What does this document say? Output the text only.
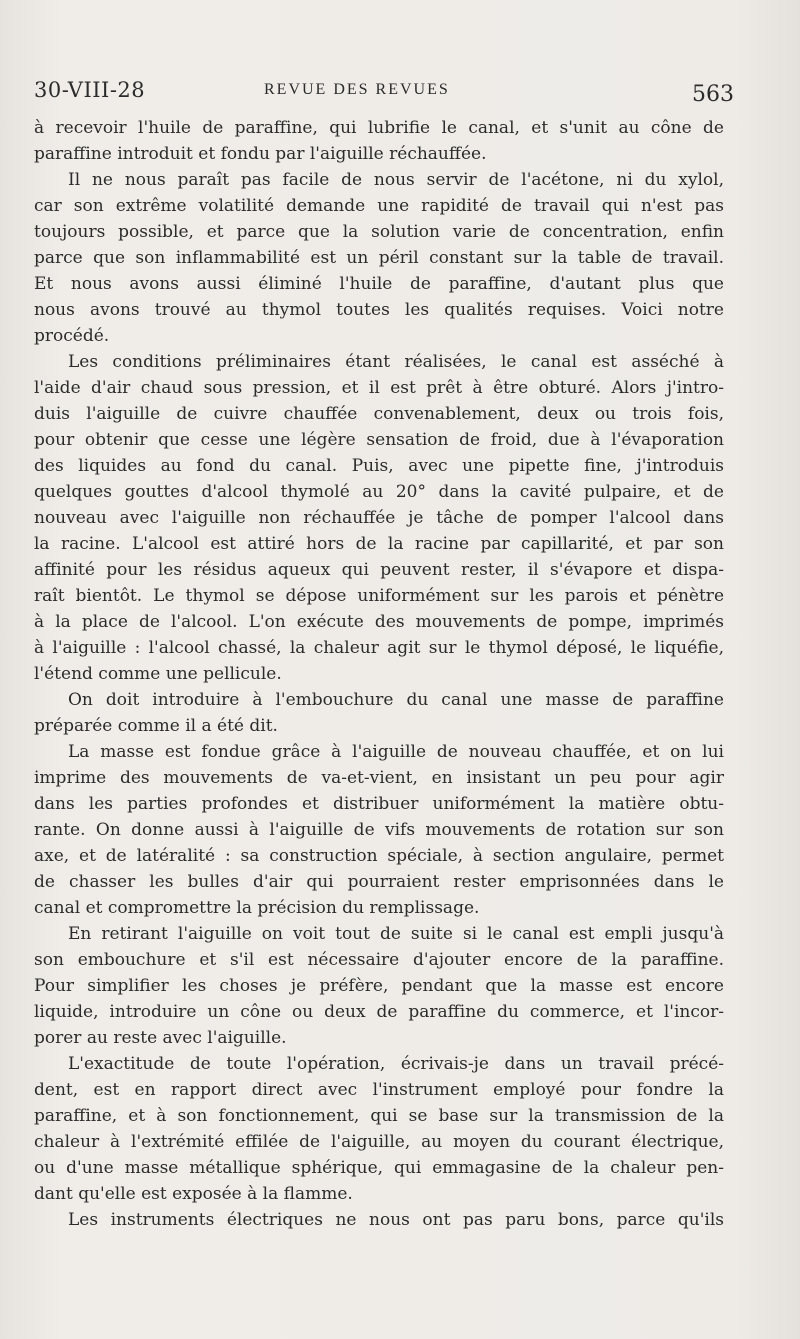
30-VIII-28	REVUE DES REVUES	563
à recevoir l'huile de paraffine, qui lubrifie le canal, et s'unit au cône de
paraffine introduit et fondu par l'aiguille réchauffée.
Il ne nous paraît pas facile de nous servir de l'acétone, ni du xylol,
car son extrême volatilité demande une rapidité de travail qui n'est pas
toujours possible, et parce que la solution varie de concentration, enfin
parce que son inflammabilité est un péril constant sur la table de travail.
Et nous avons aussi éliminé l'huile de paraffine, d'autant plus que
nous avons trouvé au thymol toutes les qualités requises. Voici notre
procédé.
Les conditions préliminaires étant réalisées, le canal est asséché à
l'aide d'air chaud sous pression, et il est prêt à être obturé. Alors j'intro-
duis l'aiguille de cuivre chauffée convenablement, deux ou trois fois,
pour obtenir que cesse une légère sensation de froid, due à l'évaporation
des liquides au fond du canal. Puis, avec une pipette fine, j'introduis
quelques gouttes d'alcool thymolé au 20° dans la cavité pulpaire, et de
nouveau avec l'aiguille non réchauffée je tâche de pomper l'alcool dans
la racine. L'alcool est attiré hors de la racine par capillarité, et par son
affinité pour les résidus aqueux qui peuvent rester, il s'évapore et dispa-
raît bientôt. Le thymol se dépose uniformément sur les parois et pénètre
à la place de l'alcool. L'on exécute des mouvements de pompe, imprimés
à l'aiguille : l'alcool chassé, la chaleur agit sur le thymol déposé, le liquéfie,
l'étend comme une pellicule.
On doit introduire à l'embouchure du canal une masse de paraffine
préparée comme il a été dit.
La masse est fondue grâce à l'aiguille de nouveau chauffée, et on lui
imprime des mouvements de va-et-vient, en insistant un peu pour agir
dans les parties profondes et distribuer uniformément la matière obtu-
rante. On donne aussi à l'aiguille de vifs mouvements de rotation sur son
axe, et de latéralité : sa construction spéciale, à section angulaire, permet
de chasser les bulles d'air qui pourraient rester emprisonnées dans le
canal et compromettre la précision du remplissage.
En retirant l'aiguille on voit tout de suite si le canal est empli jusqu'à
son embouchure et s'il est nécessaire d'ajouter encore de la paraffine.
Pour simplifier les choses je préfère, pendant que la masse est encore
liquide, introduire un cône ou deux de paraffine du commerce, et l'incor-
porer au reste avec l'aiguille.
L'exactitude de toute l'opération, écrivais-je dans un travail précé-
dent, est en rapport direct avec l'instrument employé pour fondre la
paraffine, et à son fonctionnement, qui se base sur la transmission de la
chaleur à l'extrémité effilée de l'aiguille, au moyen du courant électrique,
ou d'une masse métallique sphérique, qui emmagasine de la chaleur pen-
dant qu'elle est exposée à la flamme.
Les instruments électriques ne nous ont pas paru bons, parce qu'ils
